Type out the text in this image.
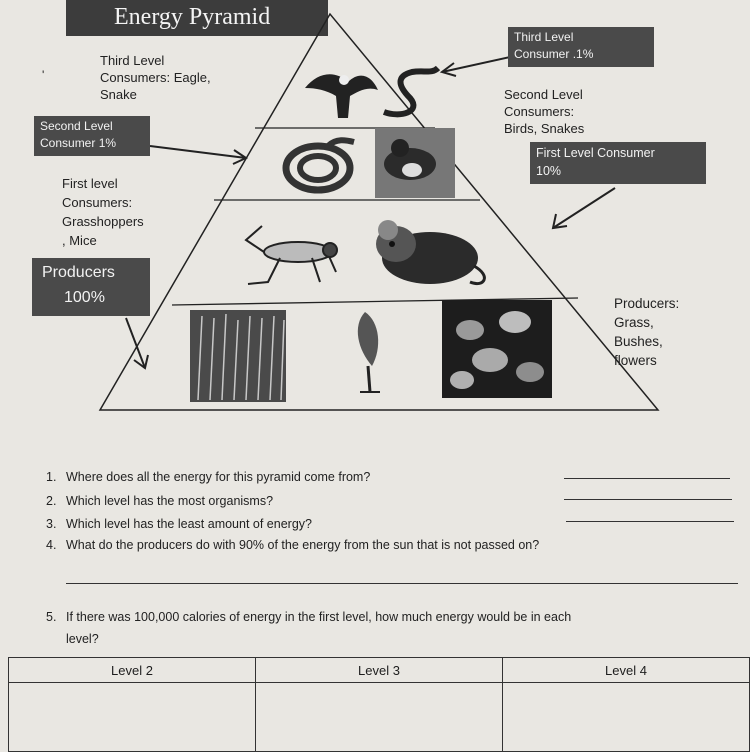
Energy Pyramid
Third Level
Consumer .1%
Third Level
Consumers: Eagle,
Snake
'
Second Level
Consumer 1%
Second Level
Consumers:
Birds, Snakes
First Level Consumer
10%
First level
Consumers:
Grasshoppers
, Mice
Producers
100%	Producers:
Grass,
Bushes,
flowers
1. Where does all the energy for this pyramid come from?
2. Which level has the most organisms?
3. Which level has the least amount of energy?
4. What do the producers do with 90% of the energy from the sun that is not passed on?
5. If there was 100,000 calories of energy in the first level, how much energy would be in each
level?
Level 2	Level 3	Level 4
